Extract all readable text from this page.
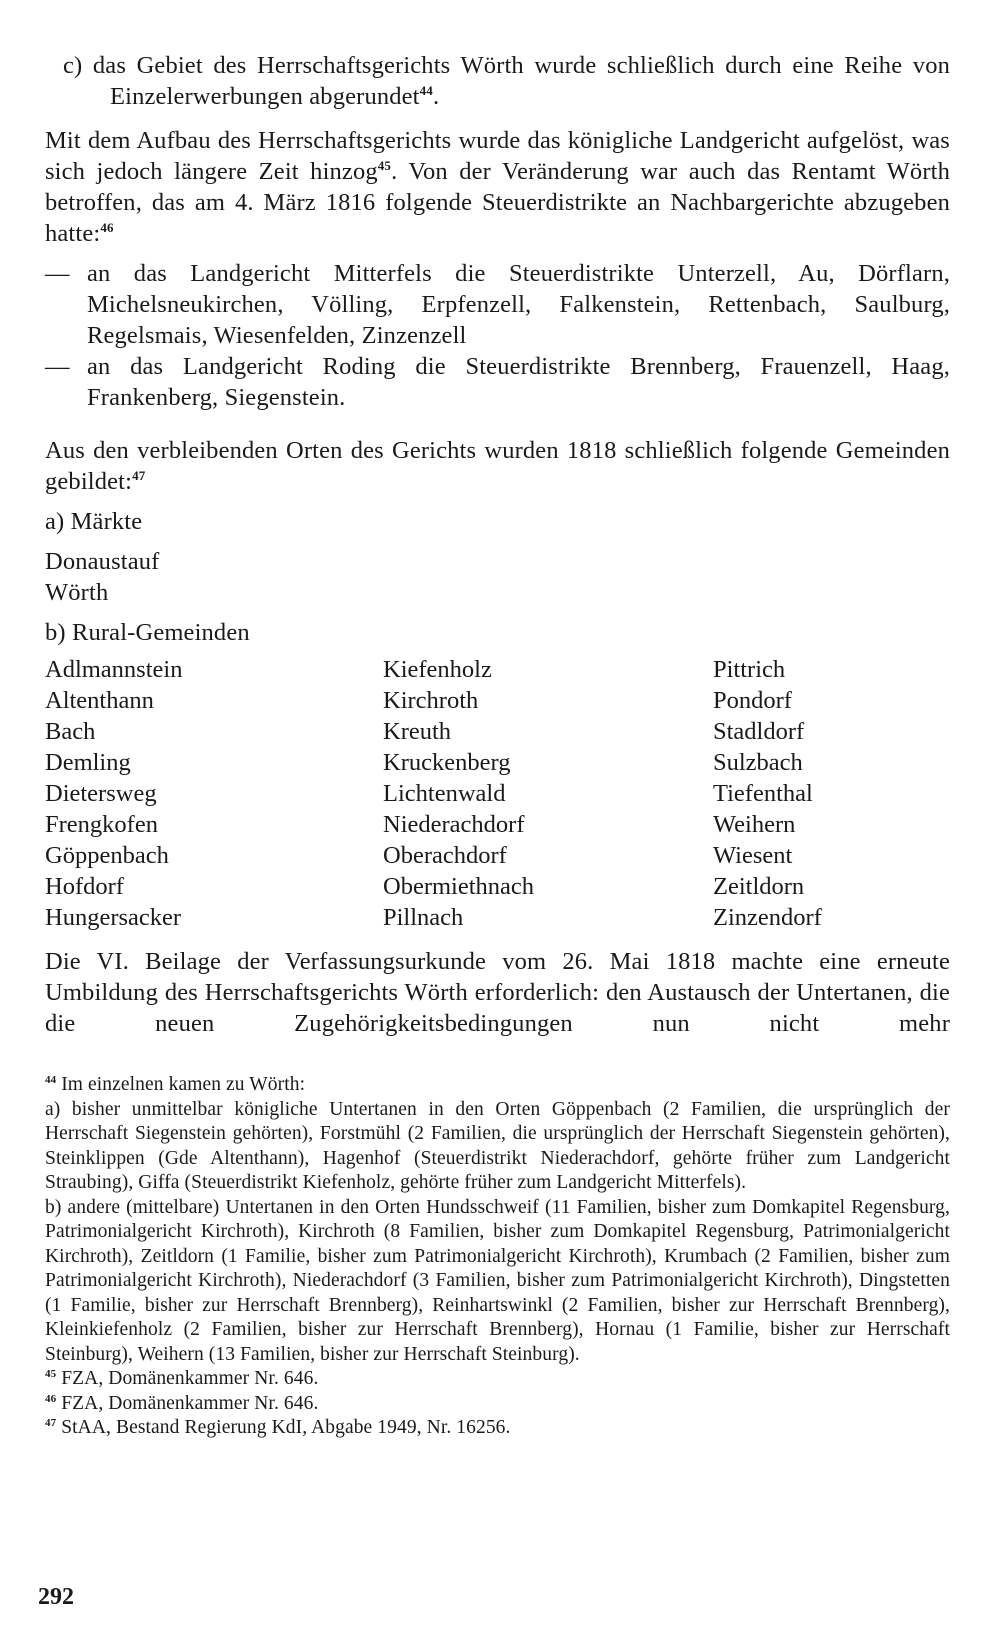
c) das Gebiet des Herrschaftsgerichts Wörth wurde schließlich durch eine Reihe von Einzelerwerbungen abgerundet$^{44}$.

Mit dem Aufbau des Herrschaftsgerichts wurde das königliche Landgericht aufgelöst, was sich jedoch längere Zeit hinzog$^{45}$. Von der Veränderung war auch das Rentamt Wörth betroffen, das am 4. März 1816 folgende Steuerdistrikte an Nachbargerichte abzugeben hatte:$^{46}$

— an das Landgericht Mitterfels die Steuerdistrikte Unterzell, Au, Dörflarn, Michelsneukirchen, Völling, Erpfenzell, Falkenstein, Rettenbach, Saulburg, Regelsmais, Wiesenfelden, Zinzenzell

— an das Landgericht Roding die Steuerdistrikte Brennberg, Frauenzell, Haag, Frankenberg, Siegenstein.

Aus den verbleibenden Orten des Gerichts wurden 1818 schließlich folgende Gemeinden gebildet:$^{47}$

a) Märkte

Donaustauf

Wörth

b) Rural-Gemeinden

Adlmannstein
Altenthann
Bach
Demling
Dietersweg
Frengkofen
Göppenbach
Hofdorf
Hungersacker
Kiefenholz
Kirchroth
Kreuth
Kruckenberg
Lichtenwald
Niederachdorf
Oberachdorf
Obermiethnach
Pillnach
Pittrich
Pondorf
Stadldorf
Sulzbach
Tiefenthal
Weihern
Wiesent
Zeitldorn
Zinzendorf

Die VI. Beilage der Verfassungsurkunde vom 26. Mai 1818 machte eine erneute Umbildung des Herrschaftsgerichts Wörth erforderlich: den Austausch der Untertanen, die die neuen Zugehörigkeitsbedingungen nun nicht mehr

$^{44}$ Im einzelnen kamen zu Wörth:

a) bisher unmittelbar königliche Untertanen in den Orten Göppenbach (2 Familien, die ursprünglich der Herrschaft Siegenstein gehörten), Forstmühl (2 Familien, die ursprünglich der Herrschaft Siegenstein gehörten), Steinklippen (Gde Altenthann), Hagenhof (Steuerdistrikt Niederachdorf, gehörte früher zum Landgericht Straubing), Giffa (Steuerdistrikt Kiefenholz, gehörte früher zum Landgericht Mitterfels).

b) andere (mittelbare) Untertanen in den Orten Hundsschweif (11 Familien, bisher zum Domkapitel Regensburg, Patrimonialgericht Kirchroth), Kirchroth (8 Familien, bisher zum Domkapitel Regensburg, Patrimonialgericht Kirchroth), Zeitldorn (1 Familie, bisher zum Patrimonialgericht Kirchroth), Krumbach (2 Familien, bisher zum Patrimonialgericht Kirchroth), Niederachdorf (3 Familien, bisher zum Patrimonialgericht Kirchroth), Dingstetten (1 Familie, bisher zur Herrschaft Brennberg), Reinhartswinkl (2 Familien, bisher zur Herrschaft Brennberg), Kleinkiefenholz (2 Familien, bisher zur Herrschaft Brennberg), Hornau (1 Familie, bisher zur Herrschaft Steinburg), Weihern (13 Familien, bisher zur Herrschaft Steinburg).

$^{45}$ FZA, Domänenkammer Nr. 646.

$^{46}$ FZA, Domänenkammer Nr. 646.

$^{47}$ StAA, Bestand Regierung KdI, Abgabe 1949, Nr. 16256.

292
